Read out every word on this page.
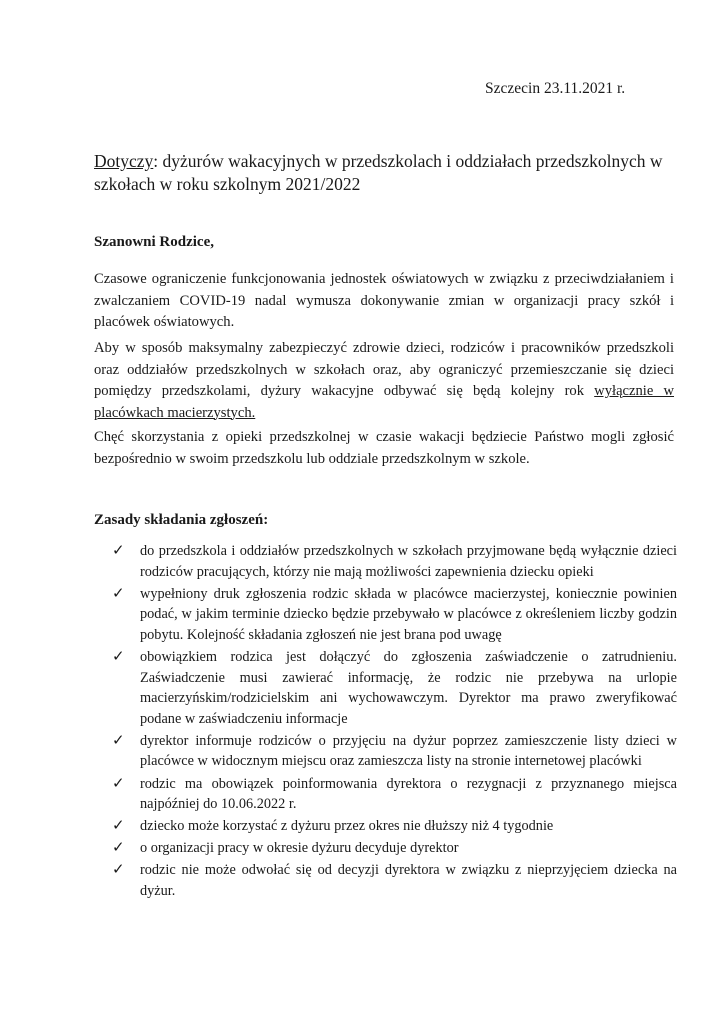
Szczecin 23.11.2021 r.
Dotyczy: dyżurów wakacyjnych w przedszkolach i oddziałach przedszkolnych w szkołach w roku szkolnym 2021/2022
Szanowni Rodzice,
Czasowe ograniczenie funkcjonowania jednostek oświatowych w związku z przeciwdziałaniem i zwalczaniem COVID-19 nadal wymusza dokonywanie zmian w organizacji pracy szkół i placówek oświatowych.
Aby w sposób maksymalny zabezpieczyć zdrowie dzieci, rodziców i pracowników przedszkoli oraz oddziałów przedszkolnych w szkołach oraz, aby ograniczyć przemieszczanie się dzieci pomiędzy przedszkolami, dyżury wakacyjne odbywać się będą kolejny rok wyłącznie w placówkach macierzystych.
Chęć skorzystania z opieki przedszkolnej w czasie wakacji będziecie Państwo mogli zgłosić bezpośrednio w swoim przedszkolu lub oddziale przedszkolnym w szkole.
Zasady składania zgłoszeń:
✓ do przedszkola i oddziałów przedszkolnych w szkołach przyjmowane będą wyłącznie dzieci rodziców pracujących, którzy nie mają możliwości zapewnienia dziecku opieki
✓ wypełniony druk zgłoszenia rodzic składa w placówce macierzystej, koniecznie powinien podać, w jakim terminie dziecko będzie przebywało w placówce z określeniem liczby godzin pobytu. Kolejność składania zgłoszeń nie jest brana pod uwagę
✓ obowiązkiem rodzica jest dołączyć do zgłoszenia zaświadczenie o zatrudnieniu. Zaświadczenie musi zawierać informację, że rodzic nie przebywa na urlopie macierzyńskim/rodzicielskim ani wychowawczym. Dyrektor ma prawo zweryfikować podane w zaświadczeniu informacje
✓ dyrektor informuje rodziców o przyjęciu na dyżur poprzez zamieszczenie listy dzieci w placówce w widocznym miejscu oraz zamieszcza listy na stronie internetowej placówki
✓ rodzic ma obowiązek poinformowania dyrektora o rezygnacji z przyznanego miejsca najpóźniej do 10.06.2022 r.
✓ dziecko może korzystać z dyżuru przez okres nie dłuższy niż 4 tygodnie
✓ o organizacji pracy w okresie dyżuru decyduje dyrektor
✓ rodzic nie może odwołać się od decyzji dyrektora w związku z nieprzyjęciem dziecka na dyżur.
